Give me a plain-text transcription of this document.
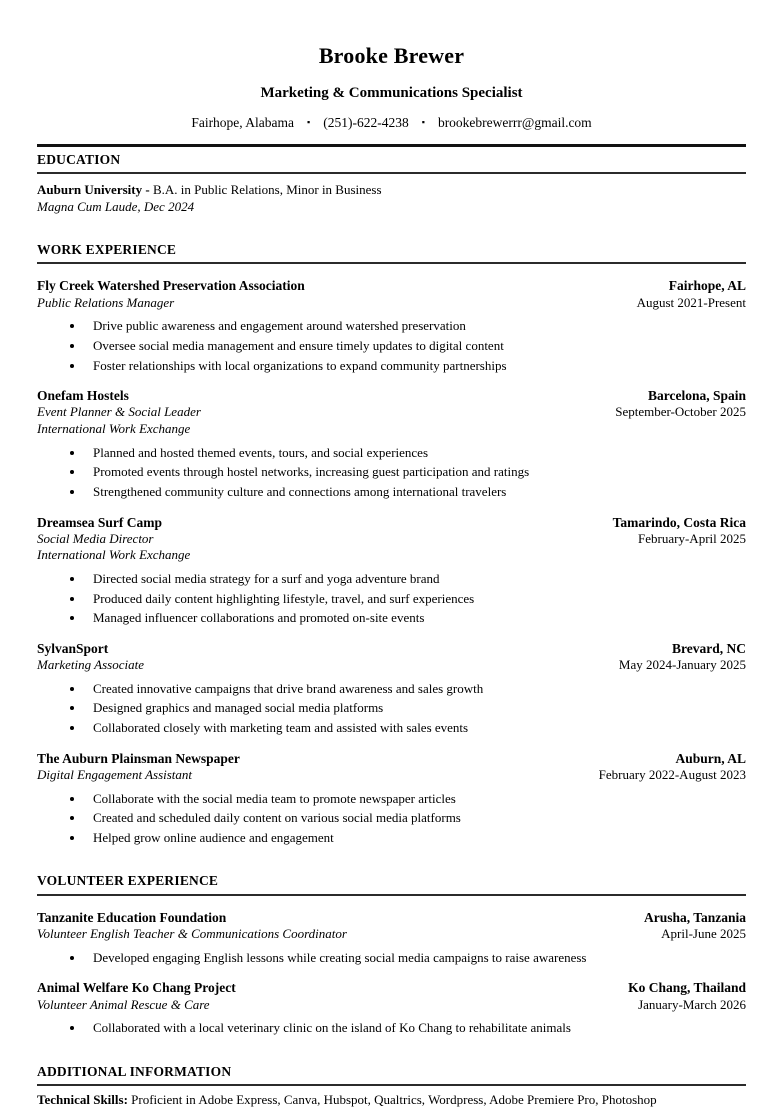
Brooke Brewer
Marketing & Communications Specialist
Fairhope, Alabama ▪ (251)-622-4238 ▪ brookebrewerrr@gmail.com
EDUCATION
Auburn University - B.A. in Public Relations, Minor in Business
Magna Cum Laude, Dec 2024
WORK EXPERIENCE
Fly Creek Watershed Preservation Association	Fairhope, AL
Public Relations Manager	August 2021-Present
• Drive public awareness and engagement around watershed preservation
• Oversee social media management and ensure timely updates to digital content
• Foster relationships with local organizations to expand community partnerships
Onefam Hostels	Barcelona, Spain
Event Planner & Social Leader	September-October 2025
International Work Exchange
• Planned and hosted themed events, tours, and social experiences
• Promoted events through hostel networks, increasing guest participation and ratings
• Strengthened community culture and connections among international travelers
Dreamsea Surf Camp	Tamarindo, Costa Rica
Social Media Director	February-April 2025
International Work Exchange
• Directed social media strategy for a surf and yoga adventure brand
• Produced daily content highlighting lifestyle, travel, and surf experiences
• Managed influencer collaborations and promoted on-site events
SylvanSport	Brevard, NC
Marketing Associate	May 2024-January 2025
• Created innovative campaigns that drive brand awareness and sales growth
• Designed graphics and managed social media platforms
• Collaborated closely with marketing team and assisted with sales events
The Auburn Plainsman Newspaper	Auburn, AL
Digital Engagement Assistant	February 2022-August 2023
• Collaborate with the social media team to promote newspaper articles
• Created and scheduled daily content on various social media platforms
• Helped grow online audience and engagement
VOLUNTEER EXPERIENCE
Tanzanite Education Foundation	Arusha, Tanzania
Volunteer English Teacher & Communications Coordinator	April-June 2025
• Developed engaging English lessons while creating social media campaigns to raise awareness
Animal Welfare Ko Chang Project	Ko Chang, Thailand
Volunteer Animal Rescue & Care	January-March 2026
• Collaborated with a local veterinary clinic on the island of Ko Chang to rehabilitate animals
ADDITIONAL INFORMATION
Technical Skills: Proficient in Adobe Express, Canva, Hubspot, Qualtrics, Wordpress, Adobe Premiere Pro, Photoshop
